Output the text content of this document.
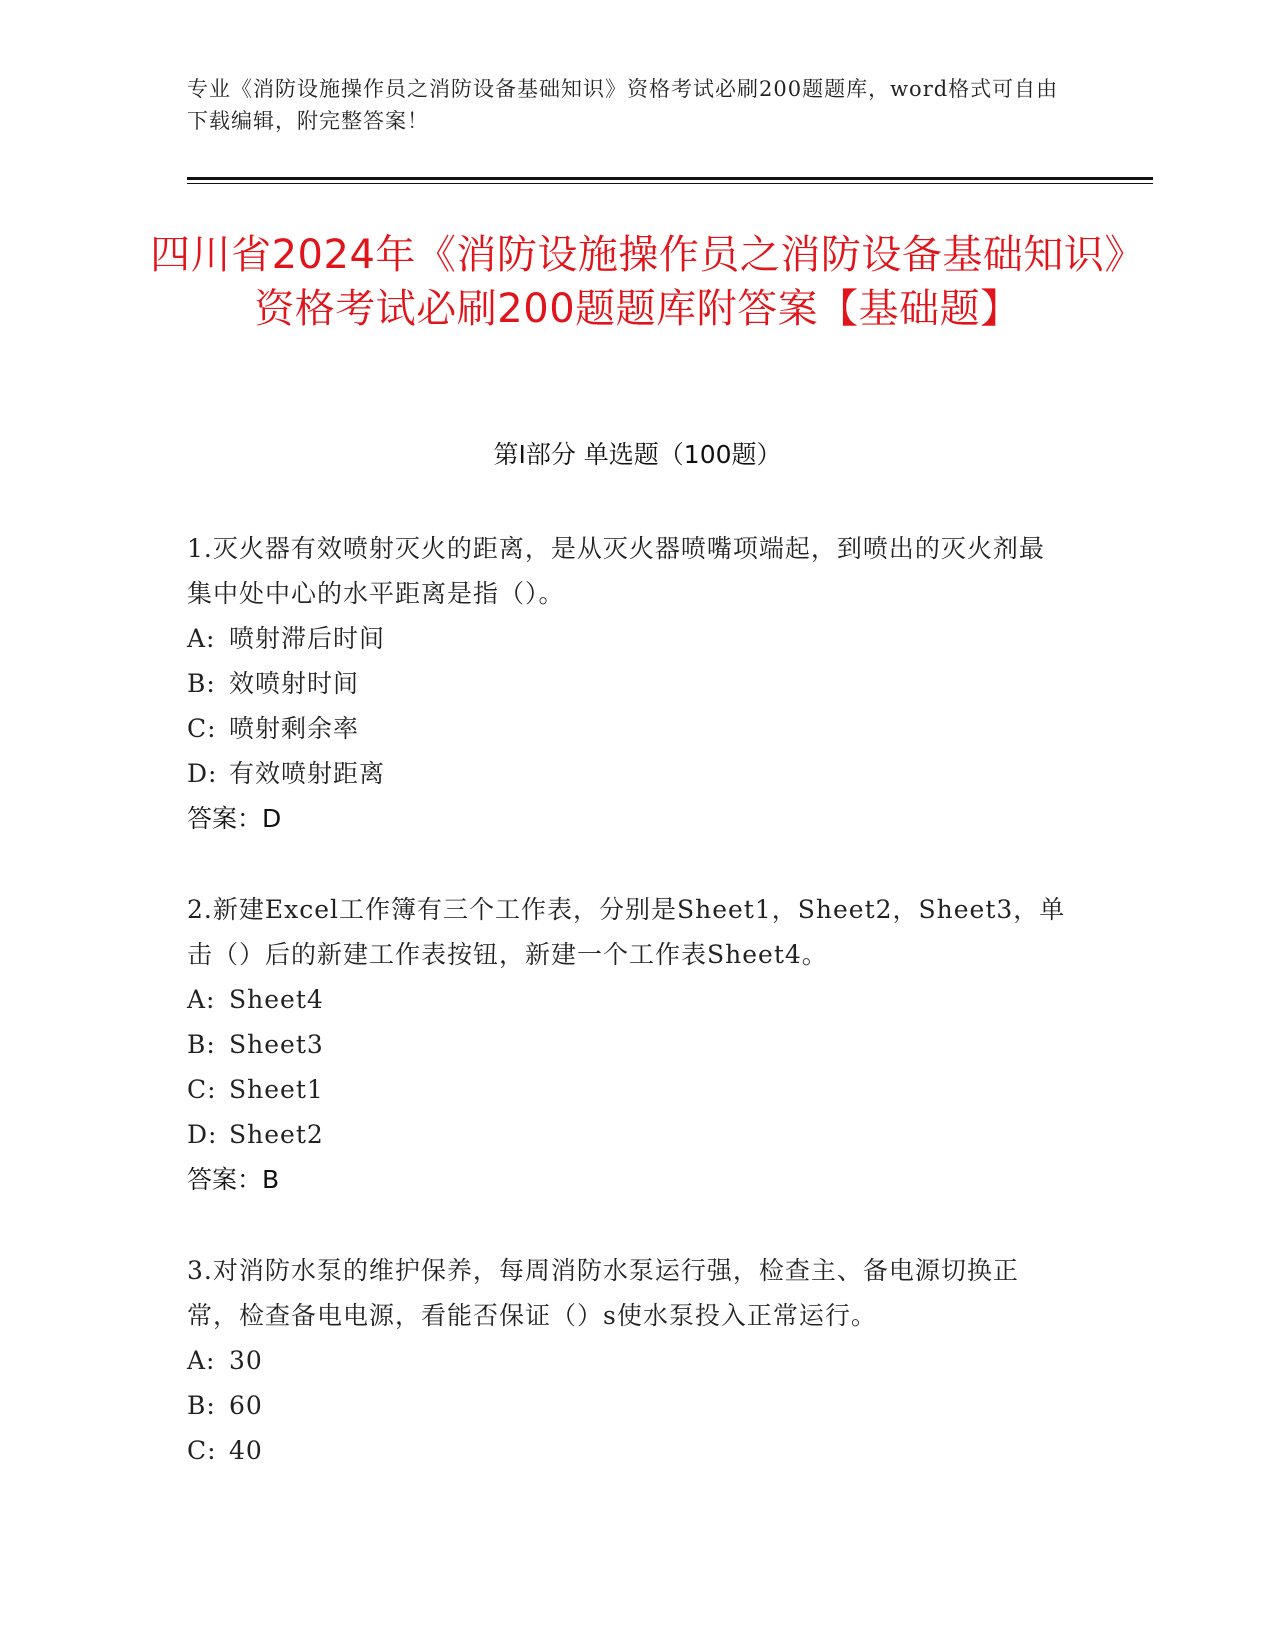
专业《消防设施操作员之消防设备基础知识》资格考试必刷200题题库，word格式可自由下载编辑，附完整答案！
四川省2024年《消防设施操作员之消防设备基础知识》资格考试必刷200题题库附答案【基础题】
第I部分 单选题（100题）

1.灭火器有效喷射灭火的距离，是从灭火器喷嘴项端起，到喷出的灭火剂最集中处中心的水平距离是指（）。

A: 喷射滞后时间
B: 效喷射时间
C: 喷射剩余率
D: 有效喷射距离
答案：D

2.新建Excel工作簿有三个工作表，分别是Sheet1，Sheet2，Sheet3，单击（）后的新建工作表按钮，新建一个工作表Sheet4。

A: Sheet4
B: Sheet3
C: Sheet1
D: Sheet2
答案：B

3.对消防水泵的维护保养，每周消防水泵运行强，检查主、备电源切换正常，检查备电电源，看能否保证（）s使水泵投入正常运行。

A: 30
B: 60
C: 40
